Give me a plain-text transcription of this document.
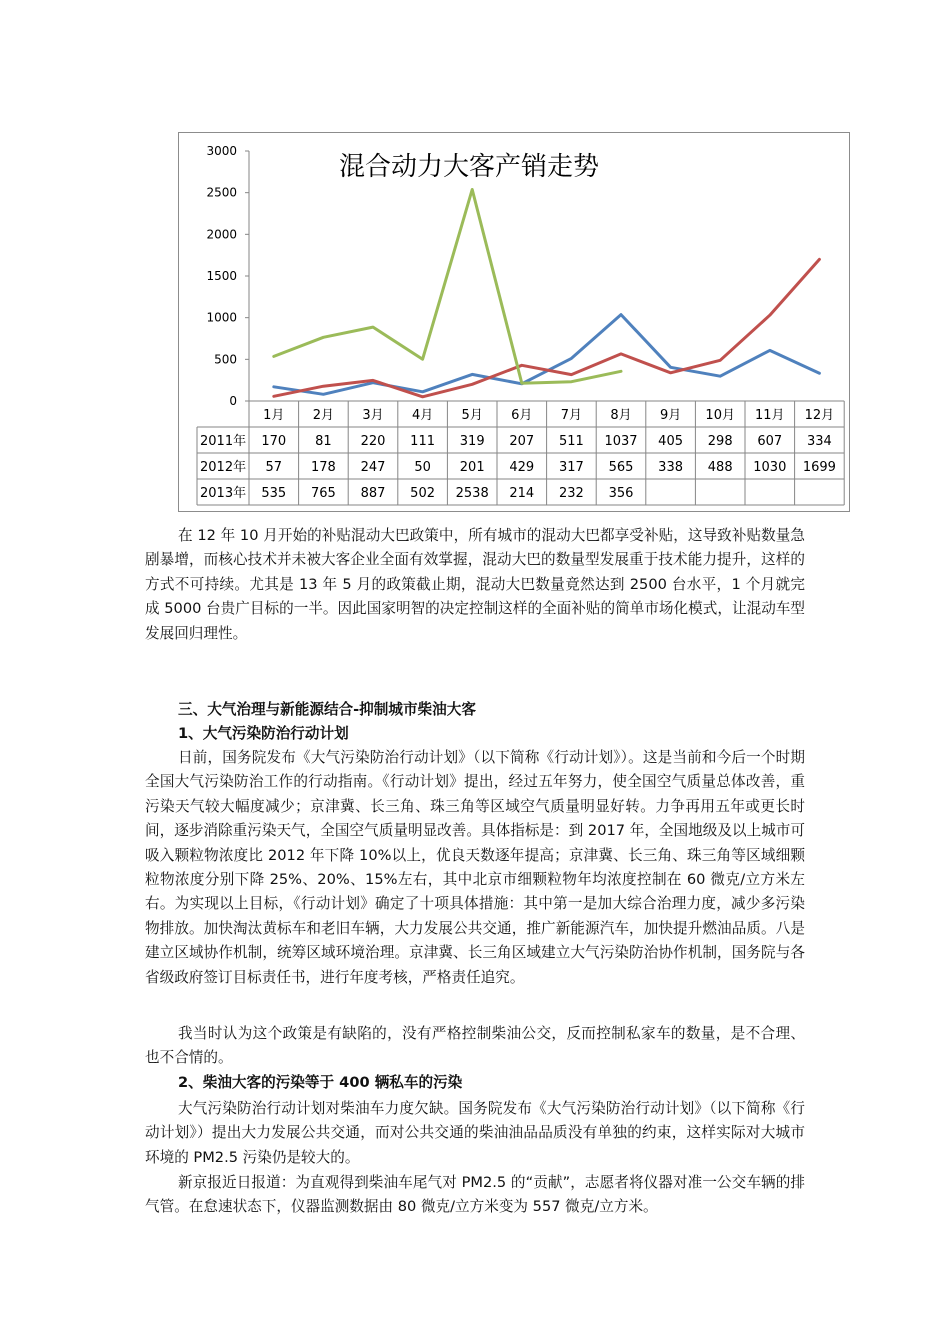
混合动力大客产销走势
0
500
1000
1500
2000
2500
3000
1月 2月 3月 4月 5月 6月 7月 8月 9月 10月 11月 12月
2011年 170 81 220 111 319 207 511 1037 405 298 607 334
2012年 57 178 247 50 201 429 317 565 338 488 1030 1699
2013年 535 765 887 502 2538 214 232 356

在 12 年 10 月开始的补贴混动大巴政策中，所有城市的混动大巴都享受补贴，这导致补贴数量急剧暴增，而核心技术并未被大客企业全面有效掌握，混动大巴的数量型发展重于技术能力提升，这样的方式不可持续。尤其是 13 年 5 月的政策截止期，混动大巴数量竟然达到 2500 台水平，1 个月就完成 5000 台贵广目标的一半。因此国家明智的决定控制这样的全面补贴的简单市场化模式，让混动车型发展回归理性。

三、大气治理与新能源结合-抑制城市柴油大客

1、大气污染防治行动计划

日前，国务院发布《大气污染防治行动计划》（以下简称《行动计划》）。这是当前和今后一个时期全国大气污染防治工作的行动指南。《行动计划》提出，经过五年努力，使全国空气质量总体改善，重污染天气较大幅度减少；京津冀、长三角、珠三角等区域空气质量明显好转。力争再用五年或更长时间，逐步消除重污染天气，全国空气质量明显改善。具体指标是：到 2017 年，全国地级及以上城市可吸入颗粒物浓度比 2012 年下降 10%以上，优良天数逐年提高；京津冀、长三角、珠三角等区域细颗粒物浓度分别下降 25%、20%、15%左右，其中北京市细颗粒物年均浓度控制在 60 微克/立方米左右。为实现以上目标，《行动计划》确定了十项具体措施：其中第一是加大综合治理力度，减少多污染物排放。加快淘汰黄标车和老旧车辆，大力发展公共交通，推广新能源汽车，加快提升燃油品质。八是建立区域协作机制，统筹区域环境治理。京津冀、长三角区域建立大气污染防治协作机制，国务院与各省级政府签订目标责任书，进行年度考核，严格责任追究。

我当时认为这个政策是有缺陷的，没有严格控制柴油公交，反而控制私家车的数量，是不合理、也不合情的。

2、柴油大客的污染等于 400 辆私车的污染

大气污染防治行动计划对柴油车力度欠缺。国务院发布《大气污染防治行动计划》（以下简称《行动计划》）提出大力发展公共交通，而对公共交通的柴油油品品质没有单独的约束，这样实际对大城市环境的 PM2.5 污染仍是较大的。

新京报近日报道：为直观得到柴油车尾气对 PM2.5 的“贡献”，志愿者将仪器对准一公交车辆的排气管。在怠速状态下，仪器监测数据由 80 微克/立方米变为 557 微克/立方米。
